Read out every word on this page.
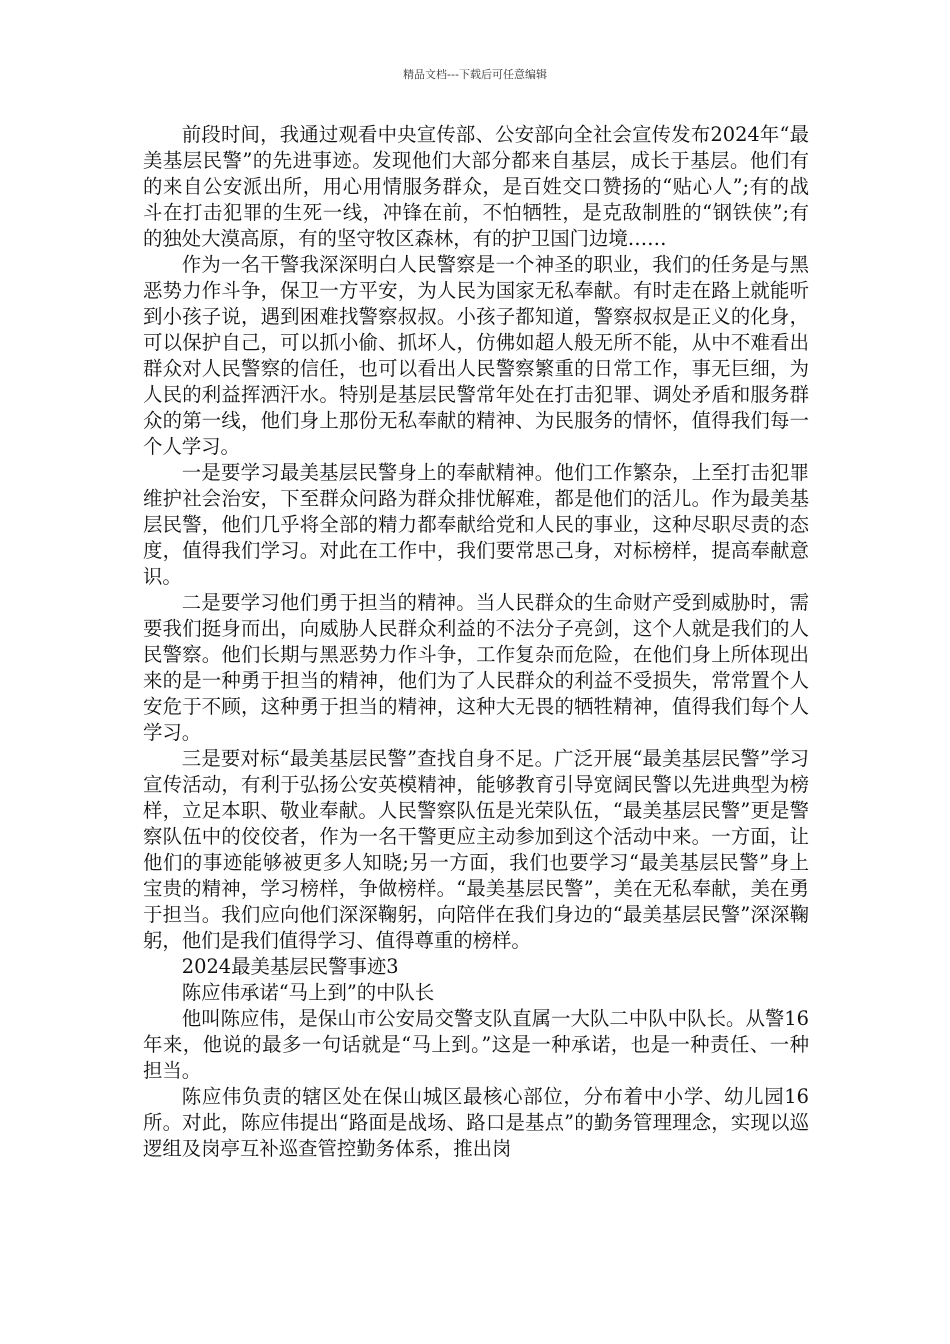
精品文档---下载后可任意编辑

前段时间，我通过观看中央宣传部、公安部向全社会宣传发布2024年“最美基层民警”的先进事迹。发现他们大部分都来自基层，成长于基层。他们有的来自公安派出所，用心用情服务群众，是百姓交口赞扬的“贴心人”;有的战斗在打击犯罪的生死一线，冲锋在前，不怕牺牲，是克敌制胜的“钢铁侠”;有的独处大漠高原，有的坚守牧区森林，有的护卫国门边境……

作为一名干警我深深明白人民警察是一个神圣的职业，我们的任务是与黑恶势力作斗争，保卫一方平安，为人民为国家无私奉献。有时走在路上就能听到小孩子说，遇到困难找警察叔叔。小孩子都知道，警察叔叔是正义的化身，可以保护自己，可以抓小偷、抓坏人，仿佛如超人般无所不能，从中不难看出群众对人民警察的信任，也可以看出人民警察繁重的日常工作，事无巨细，为人民的利益挥洒汗水。特别是基层民警常年处在打击犯罪、调处矛盾和服务群众的第一线，他们身上那份无私奉献的精神、为民服务的情怀，值得我们每一个人学习。

一是要学习最美基层民警身上的奉献精神。他们工作繁杂，上至打击犯罪维护社会治安，下至群众问路为群众排忧解难，都是他们的活儿。作为最美基层民警，他们几乎将全部的精力都奉献给党和人民的事业，这种尽职尽责的态度，值得我们学习。对此在工作中，我们要常思己身，对标榜样，提高奉献意识。

二是要学习他们勇于担当的精神。当人民群众的生命财产受到威胁时，需要我们挺身而出，向威胁人民群众利益的不法分子亮剑，这个人就是我们的人民警察。他们长期与黑恶势力作斗争，工作复杂而危险，在他们身上所体现出来的是一种勇于担当的精神，他们为了人民群众的利益不受损失，常常置个人安危于不顾，这种勇于担当的精神，这种大无畏的牺牲精神，值得我们每个人学习。

三是要对标“最美基层民警”查找自身不足。广泛开展“最美基层民警”学习宣传活动，有利于弘扬公安英模精神，能够教育引导宽阔民警以先进典型为榜样，立足本职、敬业奉献。人民警察队伍是光荣队伍，“最美基层民警”更是警察队伍中的佼佼者，作为一名干警更应主动参加到这个活动中来。一方面，让他们的事迹能够被更多人知晓;另一方面，我们也要学习“最美基层民警”身上宝贵的精神，学习榜样，争做榜样。“最美基层民警”，美在无私奉献，美在勇于担当。我们应向他们深深鞠躬，向陪伴在我们身边的“最美基层民警”深深鞠躬，他们是我们值得学习、值得尊重的榜样。

2024最美基层民警事迹3

陈应伟承诺“马上到”的中队长

他叫陈应伟，是保山市公安局交警支队直属一大队二中队中队长。从警16年来，他说的最多一句话就是“马上到。”这是一种承诺，也是一种责任、一种担当。

陈应伟负责的辖区处在保山城区最核心部位，分布着中小学、幼儿园16所。对此，陈应伟提出“路面是战场、路口是基点”的勤务管理理念，实现以巡逻组及岗亭互补巡查管控勤务体系，推出岗
